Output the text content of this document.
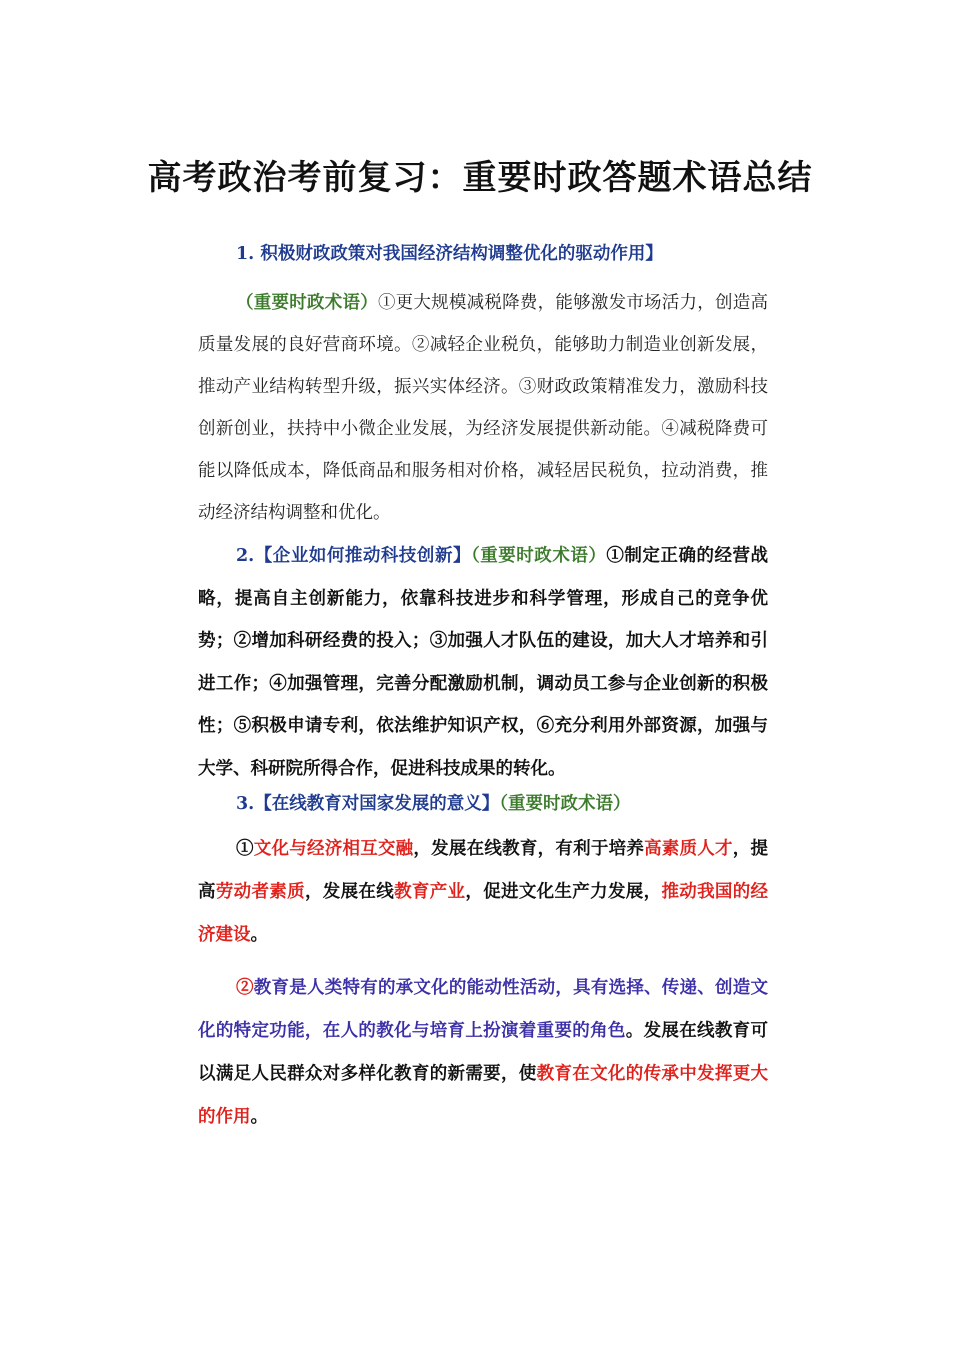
高考政治考前复习：重要时政答题术语总结

1. 积极财政政策对我国经济结构调整优化的驱动作用】

（重要时政术语）①更大规模减税降费，能够激发市场活力，创造高质量发展的良好营商环境。②减轻企业税负，能够助力制造业创新发展，推动产业结构转型升级，振兴实体经济。③财政政策精准发力，激励科技创新创业，扶持中小微企业发展，为经济发展提供新动能。④减税降费可能以降低成本，降低商品和服务相对价格，减轻居民税负，拉动消费，推动经济结构调整和优化。

2.【企业如何推动科技创新】（重要时政术语）①制定正确的经营战略，提高自主创新能力，依靠科技进步和科学管理，形成自己的竞争优势；②增加科研经费的投入；③加强人才队伍的建设，加大人才培养和引进工作；④加强管理，完善分配激励机制，调动员工参与企业创新的积极性；⑤积极申请专利，依法维护知识产权，⑥充分利用外部资源，加强与大学、科研院所得合作，促进科技成果的转化。

3.【在线教育对国家发展的意义】（重要时政术语）

①文化与经济相互交融，发展在线教育，有利于培养高素质人才，提高劳动者素质，发展在线教育产业，促进文化生产力发展，推动我国的经济建设。

②教育是人类特有的承文化的能动性活动，具有选择、传递、创造文化的特定功能，在人的教化与培育上扮演着重要的角色。发展在线教育可以满足人民群众对多样化教育的新需要，使教育在文化的传承中发挥更大的作用。
